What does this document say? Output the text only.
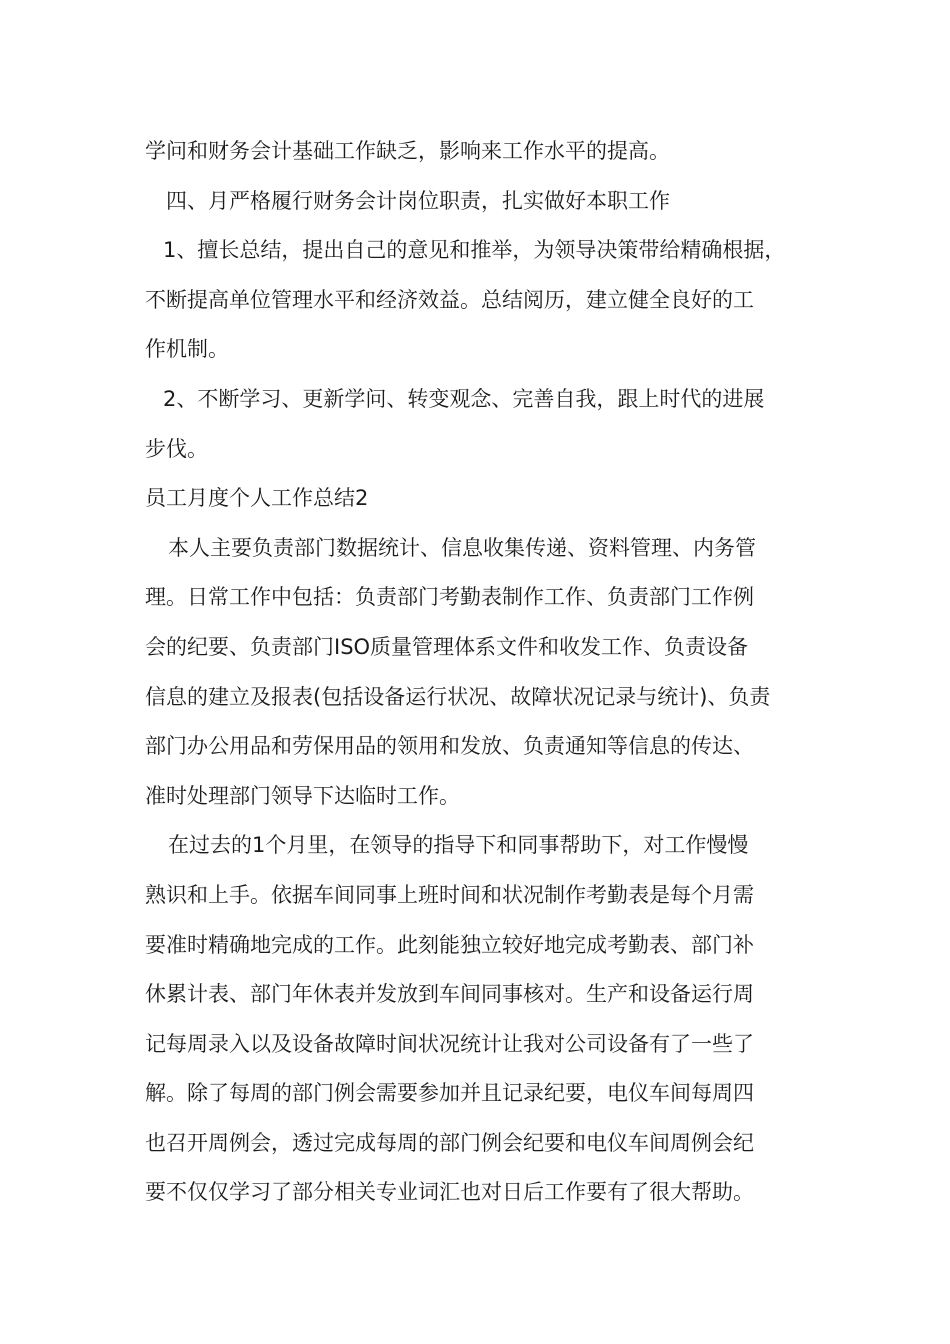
学问和财务会计基础工作缺乏，影响来工作水平的提高。

四、月严格履行财务会计岗位职责，扎实做好本职工作

1、擅长总结，提出自己的意见和推举，为领导决策带给精确根据，

不断提高单位管理水平和经济效益。总结阅历，建立健全良好的工

作机制。

2、不断学习、更新学问、转变观念、完善自我，跟上时代的进展

步伐。

员工月度个人工作总结2

本人主要负责部门数据统计、信息收集传递、资料管理、内务管

理。日常工作中包括：负责部门考勤表制作工作、负责部门工作例

会的纪要、负责部门ISO质量管理体系文件和收发工作、负责设备

信息的建立及报表(包括设备运行状况、故障状况记录与统计)、负责

部门办公用品和劳保用品的领用和发放、负责通知等信息的传达、

准时处理部门领导下达临时工作。

在过去的1个月里，在领导的指导下和同事帮助下，对工作慢慢

熟识和上手。依据车间同事上班时间和状况制作考勤表是每个月需

要准时精确地完成的工作。此刻能独立较好地完成考勤表、部门补

休累计表、部门年休表并发放到车间同事核对。生产和设备运行周

记每周录入以及设备故障时间状况统计让我对公司设备有了一些了

解。除了每周的部门例会需要参加并且记录纪要，电仪车间每周四

也召开周例会，透过完成每周的部门例会纪要和电仪车间周例会纪

要不仅仅学习了部分相关专业词汇也对日后工作要有了很大帮助。
